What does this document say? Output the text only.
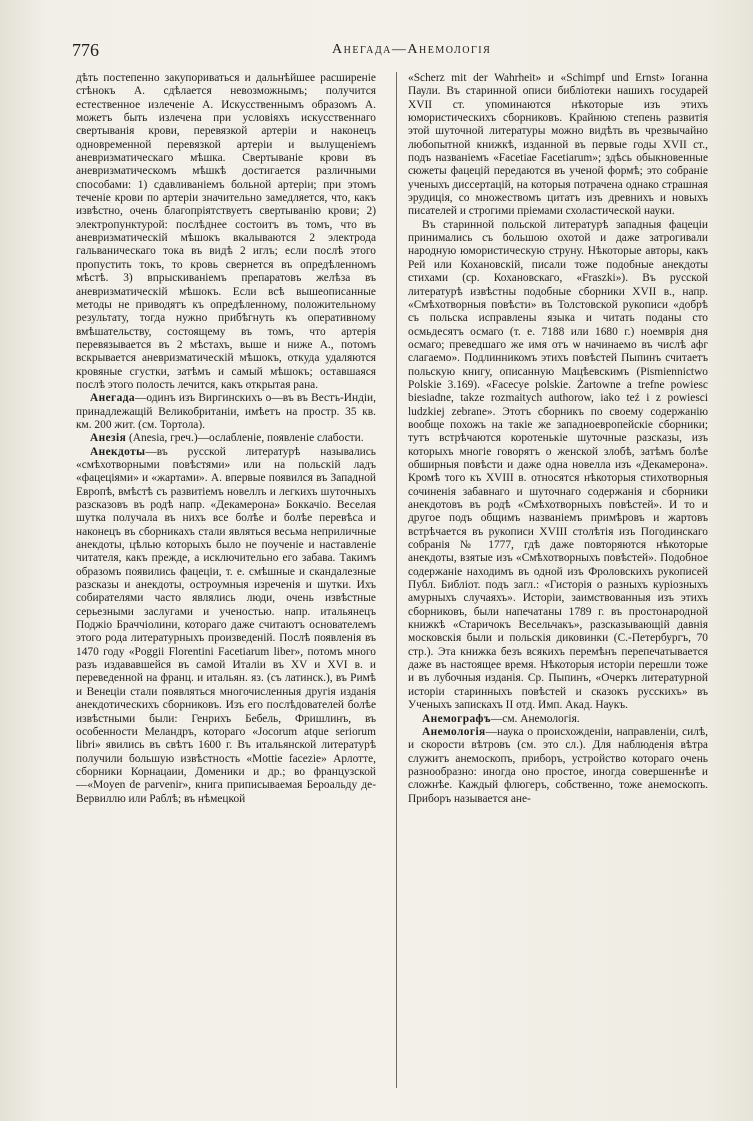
776	Анегада—Анемологія

дѣть постепенно закупориваться и дальнѣйшее расширеніе стѣнокъ А. сдѣлается невозможнымъ; получится естественное излеченіе А. Искусственнымъ образомъ А. можетъ быть излечена при условіяхъ искусственнаго свертыванія крови, перевязкой артеріи и наконецъ одновременной перевязкой артеріи и вылущеніемъ аневризматическаго мѣшка. Свертываніе крови въ аневризматическомъ мѣшкѣ достигается различными способами: 1) сдавливаніемъ больной артеріи; при этомъ теченіе крови по артеріи значительно замедляется, что, какъ извѣстно, очень благопріятствуетъ свертыванію крови; 2) электропунктурой: послѣднее состоитъ въ томъ, что въ аневризматическій мѣшокъ вкалываются 2 электрода гальваническаго тока въ видѣ 2 иглъ; если послѣ этого пропустить токъ, то кровь свернется въ опредѣленномъ мѣстѣ. 3) впрыскиваніемъ препаратовъ желѣза въ аневризматическій мѣшокъ. Если всѣ вышеописанные методы не приводятъ къ опредѣленному, положительному результату, тогда нужно прибѣгнуть къ оперативному вмѣшательству, состоящему въ томъ, что артерія перевязывается въ 2 мѣстахъ, выше и ниже А., потомъ вскрывается аневризматическій мѣшокъ, откуда удаляются кровяные сгустки, затѣмъ и самый мѣшокъ; оставшаяся послѣ этого полость лечится, какъ открытая рана.

Анегада—одинъ изъ Виргинскихъ о—въ въ Вестъ-Индіи, принадлежащій Великобританіи, имѣетъ на простр. 35 кв. км. 200 жит. (см. Тортола).

Анезія (Anesia, греч.)—ослабленіе, появленіе слабости.

Анекдоты—въ русской литературѣ назывались «смѣхотворными повѣстями» или на польскій ладъ «фацеціями» и «жартами». А. впервые появился въ Западной Европѣ, вмѣстѣ съ развитіемъ новеллъ и легкихъ шуточныхъ разсказовъ въ родѣ напр. «Декамерона» Боккачіо. Веселая шутка получала въ нихъ все болѣе и болѣе перевѣса и наконецъ въ сборникахъ стали являться весьма неприличные анекдоты, цѣлью которыхъ было не поученіе и наставленіе читателя, какъ прежде, а исключительно его забава. Такимъ образомъ появились фацеціи, т. е. смѣшные и скандалезные разсказы и анекдоты, остроумныя изреченія и шутки. Ихъ собирателями часто являлись люди, очень извѣстные серьезными заслугами и ученостью. напр. итальянецъ Поджіо Браччіолини, котораго даже считаютъ основателемъ этого рода литературныхъ произведеній. Послѣ появленія въ 1470 году «Poggii Florentini Facetiarum liber», потомъ много разъ издававшейся въ самой Италіи въ XV и XVI в. и переведенной на франц. и итальян. яз. (съ латинск.), въ Римѣ и Венеціи стали появляться многочисленныя другія изданія анекдотическихъ сборниковъ. Изъ его послѣдователей болѣе извѣстными были: Генрихъ Бебель, Фришлинъ, въ особенности Меландръ, котораго «Jocorum atque seriorum libri» явились въ свѣтъ 1600 г. Въ итальянской литературѣ получили большую извѣстность «Mottie facezie» Арлотте, сборники Корнацаии, Доменики и др.; во французской—«Moyen de parvenir», книга приписываемая Бероальду де-Вервиллю или Раблѣ; въ нѣмецкой

«Scherz mit der Wahrheit» и «Schimpf und Ernst» Іоганна Паули. Въ старинной описи библіотеки нашихъ государей XVII ст. упоминаются нѣкоторые изъ этихъ юмористическихъ сборниковъ. Крайнюю степень развитія этой шуточной литературы можно видѣть въ чрезвычайно любопытной книжкѣ, изданной въ первые годы XVII ст., подъ названіемъ «Facetiae Facetiarum»; здѣсь обыкновенные сюжеты фацецій передаются въ ученой формѣ; это собраніе ученыхъ диссертацій, на которыя потрачена однако страшная эрудиція, со множествомъ цитатъ изъ древнихъ и новыхъ писателей и строгими пріемами схоластической науки.

Въ старинной польской литературѣ западныя фацеціи принимались съ большою охотой и даже затрогивали народную юмористическую струну. Нѣкоторые авторы, какъ Рей или Кохановскій, писали тоже подобные анекдоты стихами (ср. Кохановскаго, «Fraszki»). Въ русской литературѣ извѣстны подобные сборники XVII в., напр. «Смѣхотворныя повѣсти» въ Толстовской рукописи «добрѣ съ польска исправлены языка и читать поданы сто осмьдесятъ осмаго (т. е. 7188 или 1680 г.) ноемврія дня осмаго; преведшаго же имя отъ ѡ начинаемо въ числѣ афг слагаемо». Подлинникомъ этихъ повѣстей Пыпинъ считаетъ польскую книгу, описанную Мацѣевскимъ (Pismiennictwo Polskie 3.169). «Facecye polskie. Żartowne a trefne powiesc biesiadne, takze rozmaitych authorow, iako teź i z powiesci ludzkiej zebrane». Этотъ сборникъ по своему содержанію вообще похожъ на такіе же западноевропейскіе сборники; тутъ встрѣчаются коротенькіе шуточные разсказы, изъ которыхъ многіе говорятъ о женской злобѣ, затѣмъ болѣе обширныя повѣсти и даже одна новелла изъ «Декамерона». Кромѣ того къ XVIII в. относятся нѣкоторыя стихотворныя сочиненія забавнаго и шуточнаго содержанія и сборники анекдотовъ въ родѣ «Смѣхотворныхъ повѣстей». И то и другое подъ общимъ названіемъ примѣровъ и жартовъ встрѣчается въ рукописи XVIII столѣтія изъ Погодинскаго собранія № 1777, гдѣ даже повторяются нѣкоторые анекдоты, взятые изъ «Смѣхотворныхъ повѣстей». Подобное содержаніе находимъ въ одной изъ Фроловскихъ рукописей Публ. Библіот. подъ загл.: «Гисторія о разныхъ куріозныхъ амурныхъ случаяхъ». Исторіи, заимствованныя изъ этихъ сборниковъ, были напечатаны 1789 г. въ простонародной книжкѣ «Старичокъ Весельчакъ», разсказывающій давнія московскія были и польскія диковинки (С.-Петербургъ, 70 стр.). Эта книжка безъ всякихъ перемѣнъ перепечатывается даже въ настоящее время. Нѣкоторыя исторіи перешли тоже и въ лубочныя изданія. Ср. Пыпинъ, «Очеркъ литературной исторіи старинныхъ повѣстей и сказокъ русскихъ» въ Ученыхъ запискахъ II отд. Имп. Акад. Наукъ.

Анемографъ—см. Анемологія.

Анемологія—наука о происхожденіи, направленіи, силѣ, и скорости вѣтровъ (см. это сл.). Для наблюденія вѣтра служитъ анемоскопъ, приборъ, устройство котораго очень разнообразно: иногда оно простое, иногда совершеннѣе и сложнѣе. Каждый флюгеръ, собственно, тоже анемоскопъ. Приборъ называется ане-
